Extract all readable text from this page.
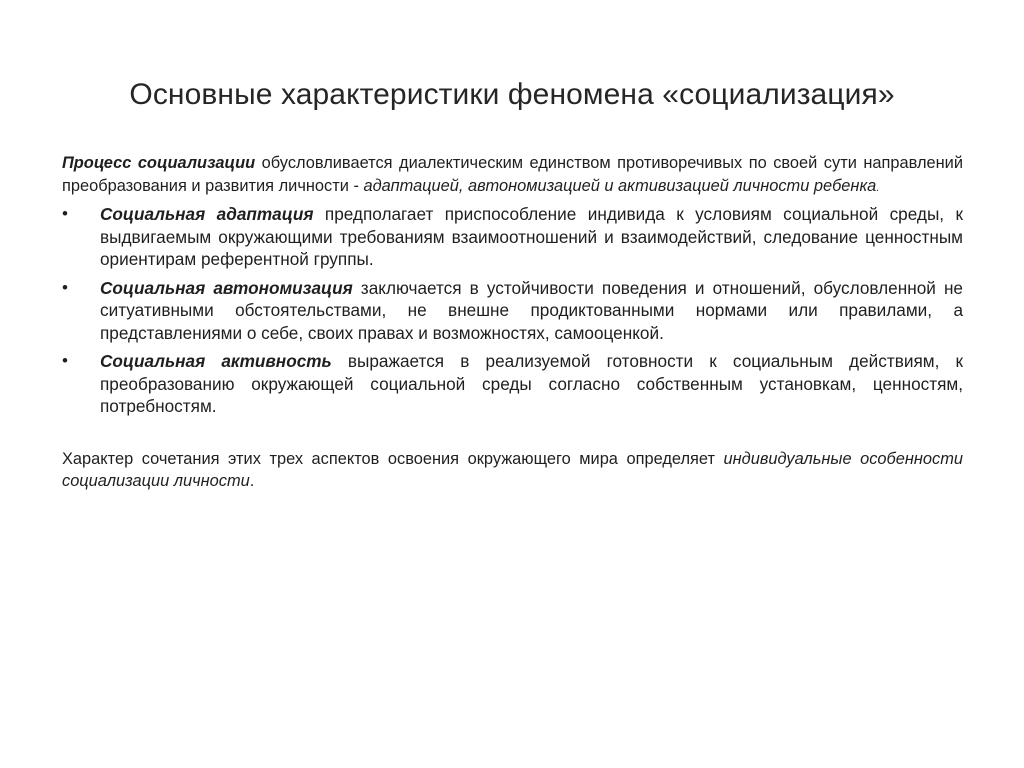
Основные характеристики феномена «социализация»

Процесс социализации обусловливается диалектическим единством противоречивых по своей сути направлений преобразования и развития личности - адаптацией, автономизацией и активизацией личности ребенка.

• Социальная адаптация предполагает приспособление индивида к условиям социальной среды, к выдвигаемым окружающими требованиям взаимоотношений и взаимодействий, следование ценностным ориентирам референтной группы.
• Социальная автономизация заключается в устойчивости поведения и отношений, обусловленной не ситуативными обстоятельствами, не внешне продиктованными нормами или правилами, а представлениями о себе, своих правах и возможностях, самооценкой.
• Социальная активность выражается в реализуемой готовности к социальным действиям, к преобразованию окружающей социальной среды согласно собственным установкам, ценностям, потребностям.

Характер сочетания этих трех аспектов освоения окружающего мира определяет индивидуальные особенности социализации личности.
